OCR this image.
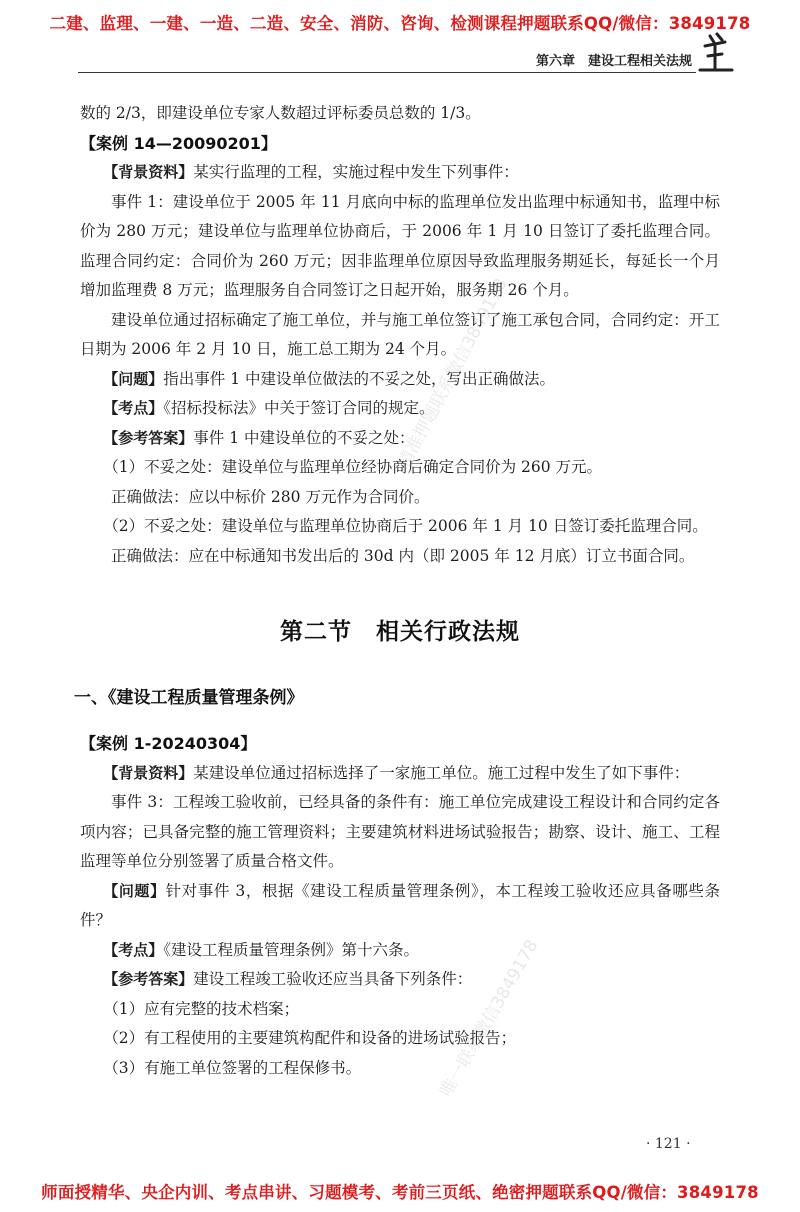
二建、监理、一建、一造、二造、安全、消防、咨询、检测课程押题联系QQ/微信：3849178
第六章　 建设工程相关法规
精准押题联系微信3849178
唯一联系微信3849178

数的 2/3，即建设单位专家人数超过评标委员总数的 1/3。

【案例 14—20090201】

【背景资料】某实行监理的工程，实施过程中发生下列事件：

事件 1：建设单位于 2005 年 11 月底向中标的监理单位发出监理中标通知书，监理中标价为 280 万元；建设单位与监理单位协商后，于 2006 年 1 月 10 日签订了委托监理合同。监理合同约定：合同价为 260 万元；因非监理单位原因导致监理服务期延长，每延长一个月增加监理费 8 万元；监理服务自合同签订之日起开始，服务期 26 个月。

建设单位通过招标确定了施工单位，并与施工单位签订了施工承包合同，合同约定：开工日期为 2006 年 2 月 10 日，施工总工期为 24 个月。

【问题】指出事件 1 中建设单位做法的不妥之处，写出正确做法。

【考点】《招标投标法》中关于签订合同的规定。

【参考答案】事件 1 中建设单位的不妥之处：

（1）不妥之处：建设单位与监理单位经协商后确定合同价为 260 万元。

正确做法：应以中标价 280 万元作为合同价。

（2）不妥之处：建设单位与监理单位协商后于 2006 年 1 月 10 日签订委托监理合同。

正确做法：应在中标通知书发出后的 30d 内（即 2005 年 12 月底）订立书面合同。

第二节　相关行政法规
一、《建设工程质量管理条例》

【案例 1-20240304】

【背景资料】某建设单位通过招标选择了一家施工单位。施工过程中发生了如下事件：

事件 3：工程竣工验收前，已经具备的条件有：施工单位完成建设工程设计和合同约定各项内容；已具备完整的施工管理资料；主要建筑材料进场试验报告；勘察、设计、施工、工程监理等单位分别签署了质量合格文件。

【问题】针对事件 3，根据《建设工程质量管理条例》，本工程竣工验收还应具备哪些条件？

【考点】《建设工程质量管理条例》第十六条。

【参考答案】建设工程竣工验收还应当具备下列条件：

（1）应有完整的技术档案；

（2）有工程使用的主要建筑构配件和设备的进场试验报告；

（3）有施工单位签署的工程保修书。

· 121 ·
师面授精华、央企内训、考点串讲、习题模考、考前三页纸、绝密押题联系QQ/微信：3849178
